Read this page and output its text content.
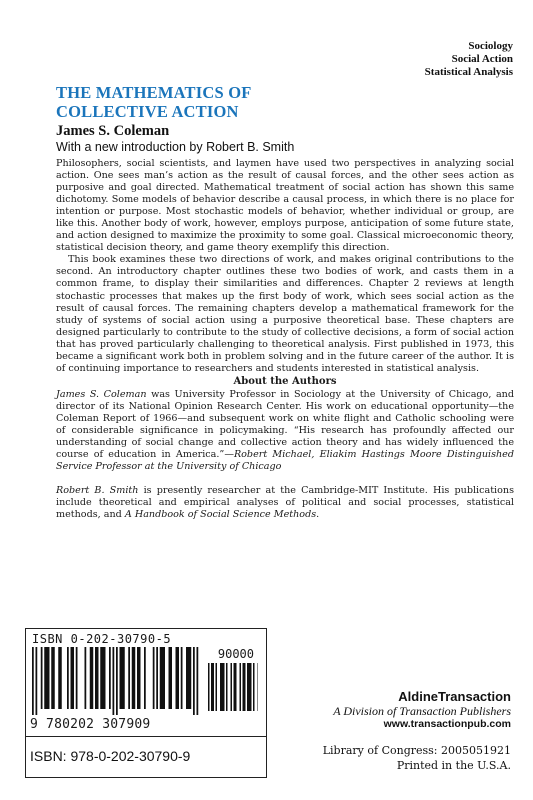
Sociology
Social Action
Statistical Analysis
THE MATHEMATICS OF
COLLECTIVE ACTION
James S. Coleman
With a new introduction by Robert B. Smith

Philosophers, social scientists, and laymen have used two perspectives in analyzing social action. One sees man’s action as the result of causal forces, and the other sees action as purposive and goal directed. Mathematical treatment of social action has shown this same dichotomy. Some models of behavior describe a causal process, in which there is no place for intention or purpose. Most stochastic models of behavior, whether individual or group, are like this. Another body of work, however, employs purpose, anticipation of some future state, and action designed to maximize the proximity to some goal. Classical microeconomic theory, statistical decision theory, and game theory exemplify this direction.

This book examines these two directions of work, and makes original contributions to the second. An introductory chapter outlines these two bodies of work, and casts them in a common frame, to display their similarities and differences. Chapter 2 reviews at length stochastic processes that makes up the first body of work, which sees social action as the result of causal forces. The remaining chapters develop a mathematical framework for the study of systems of social action using a purposive theoretical base. These chapters are designed particularly to contribute to the study of collective decisions, a form of social action that has proved particularly challenging to theoretical analysis. First published in 1973, this became a significant work both in problem solving and in the future career of the author. It is of continuing importance to researchers and students interested in statistical analysis.

About the Authors

James S. Coleman was University Professor in Sociology at the University of Chicago, and director of its National Opinion Research Center. His work on educational opportunity—the Coleman Report of 1966—and subsequent work on white flight and Catholic schooling were of considerable significance in policymaking. “His research has profoundly affected our understanding of social change and collective action theory and has widely influenced the course of education in America.”—Robert Michael, Eliakim Hastings Moore Distinguished Service Professor at the University of Chicago

Robert B. Smith is presently researcher at the Cambridge-MIT Institute. His publications include theoretical and empirical analyses of political and social processes, statistical methods, and A Handbook of Social Science Methods.

ISBN 0-202-30790-5
90000
9 780202 307909
ISBN: 978-0-202-30790-9
AldineTransaction
A Division of Transaction Publishers
www.transactionpub.com
Library of Congress: 2005051921
Printed in the U.S.A.
